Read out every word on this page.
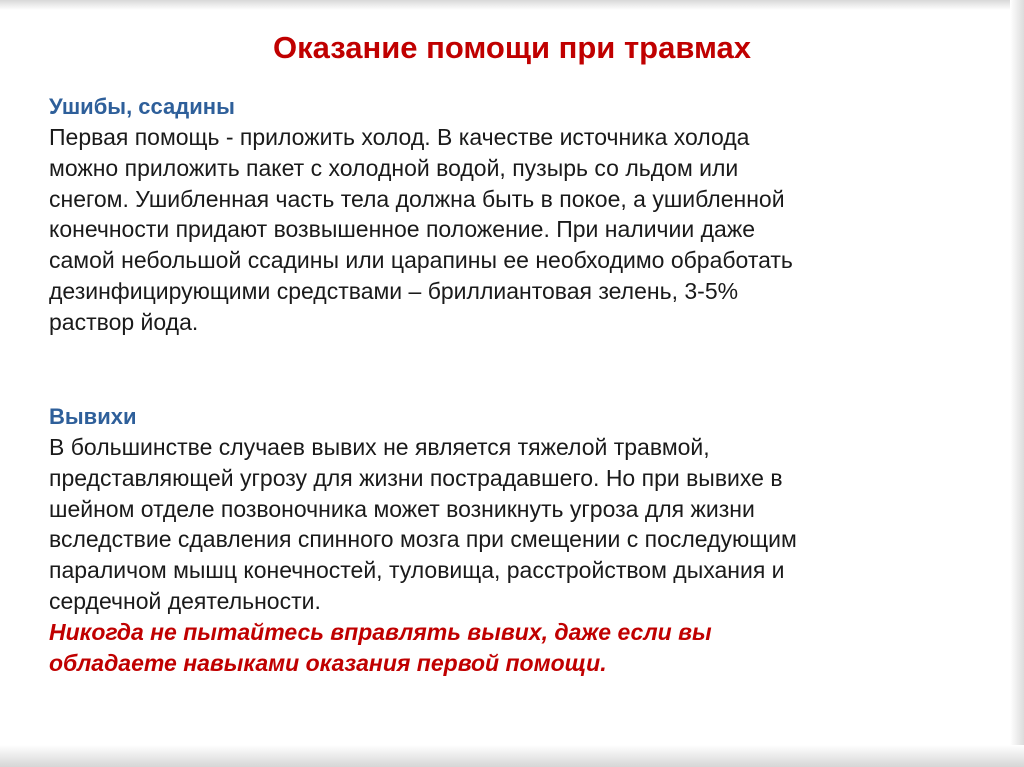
Оказание помощи при травмах

Ушибы, ссадины

Первая помощь - приложить холод. В качестве источника холода
можно приложить пакет с холодной водой, пузырь со льдом или
снегом. Ушибленная часть тела должна быть в покое, а ушибленной
конечности придают возвышенное положение. При наличии даже
самой небольшой ссадины или царапины ее необходимо обработать
дезинфицирующими средствами – бриллиантовая зелень, 3-5%
раствор йода.

Вывихи

В большинстве случаев вывих не является тяжелой травмой,
представляющей угрозу для жизни пострадавшего. Но при вывихе в
шейном отделе позвоночника может возникнуть угроза для жизни
вследствие сдавления спинного мозга при смещении с последующим
параличом мышц конечностей, туловища, расстройством дыхания и
сердечной деятельности.

Никогда не пытайтесь вправлять вывих, даже если вы
обладаете навыками оказания первой помощи.
